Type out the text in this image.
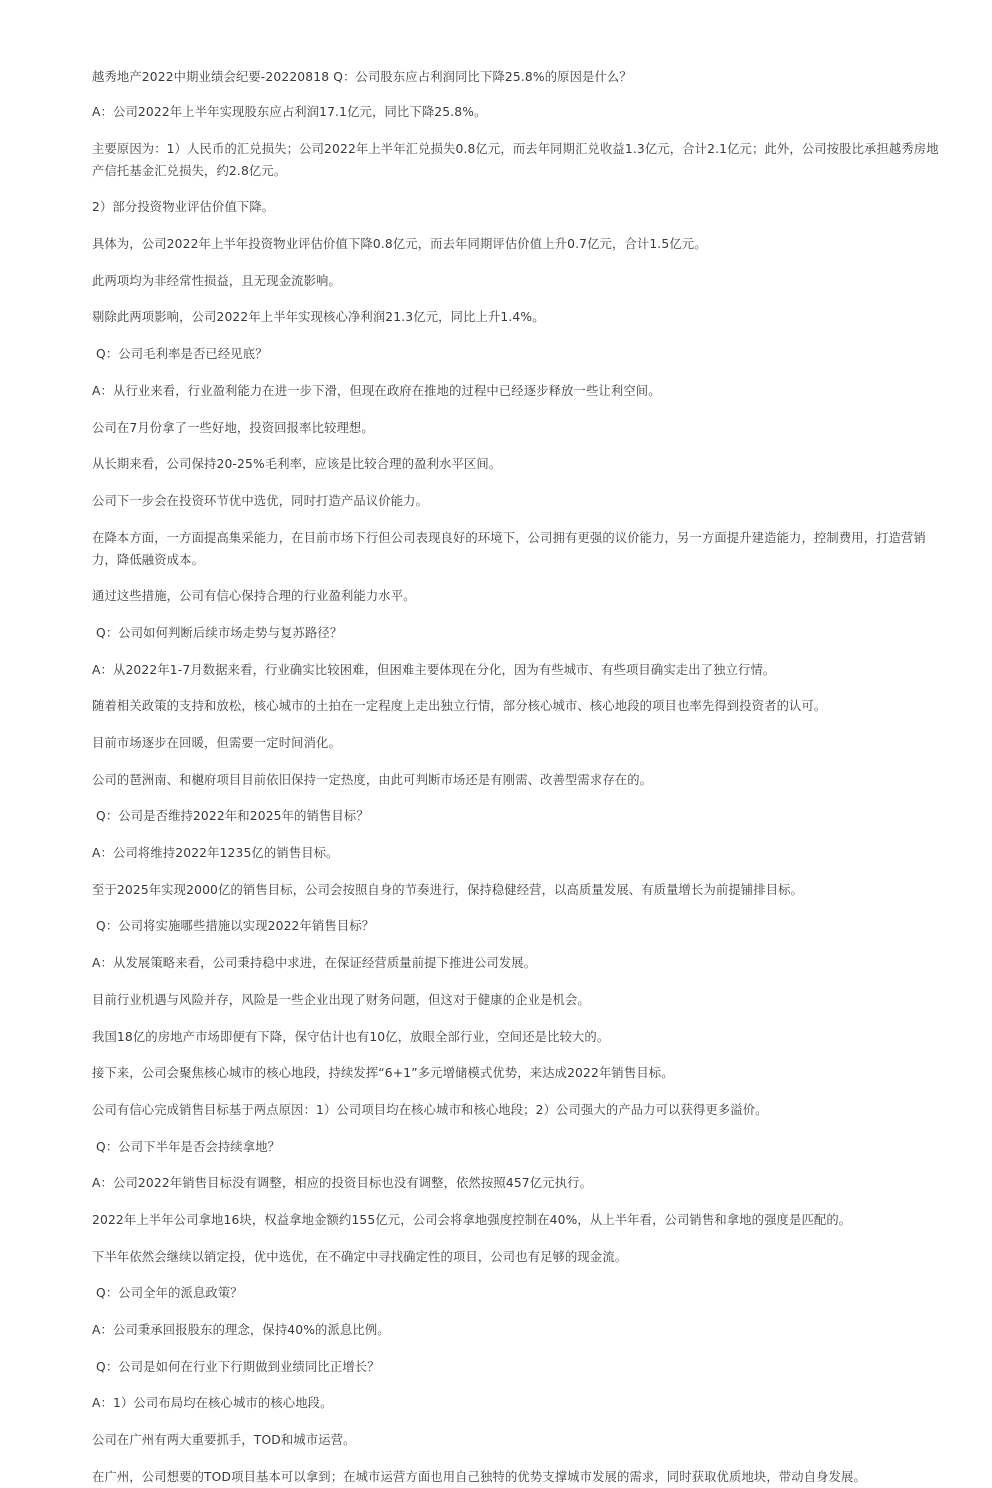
越秀地产2022中期业绩会纪要-20220818 Q：公司股东应占利润同比下降25.8%的原因是什么？

A：公司2022年上半年实现股东应占利润17.1亿元，同比下降25.8%。

主要原因为：1）人民币的汇兑损失；公司2022年上半年汇兑损失0.8亿元，而去年同期汇兑收益1.3亿元，合计2.1亿元；此外，公司按股比承担越秀房地产信托基金汇兑损失，约2.8亿元。

2）部分投资物业评估价值下降。

具体为，公司2022年上半年投资物业评估价值下降0.8亿元，而去年同期评估价值上升0.7亿元，合计1.5亿元。

此两项均为非经常性损益，且无现金流影响。

剔除此两项影响，公司2022年上半年实现核心净利润21.3亿元，同比上升1.4%。

Q：公司毛利率是否已经见底？

A：从行业来看，行业盈利能力在进一步下滑，但现在政府在推地的过程中已经逐步释放一些让利空间。

公司在7月份拿了一些好地，投资回报率比较理想。

从长期来看，公司保持20-25%毛利率，应该是比较合理的盈利水平区间。

公司下一步会在投资环节优中选优，同时打造产品议价能力。

在降本方面，一方面提高集采能力，在目前市场下行但公司表现良好的环境下，公司拥有更强的议价能力，另一方面提升建造能力，控制费用，打造营销力，降低融资成本。

通过这些措施，公司有信心保持合理的行业盈利能力水平。

Q：公司如何判断后续市场走势与复苏路径？

A：从2022年1-7月数据来看，行业确实比较困难，但困难主要体现在分化，因为有些城市、有些项目确实走出了独立行情。

随着相关政策的支持和放松，核心城市的土拍在一定程度上走出独立行情，部分核心城市、核心地段的项目也率先得到投资者的认可。

目前市场逐步在回暖，但需要一定时间消化。

公司的琶洲南、和樾府项目目前依旧保持一定热度，由此可判断市场还是有刚需、改善型需求存在的。

Q：公司是否维持2022年和2025年的销售目标？

A：公司将维持2022年1235亿的销售目标。

至于2025年实现2000亿的销售目标，公司会按照自身的节奏进行，保持稳健经营，以高质量发展、有质量增长为前提铺排目标。

Q：公司将实施哪些措施以实现2022年销售目标？

A：从发展策略来看，公司秉持稳中求进，在保证经营质量前提下推进公司发展。

目前行业机遇与风险并存，风险是一些企业出现了财务问题，但这对于健康的企业是机会。

我国18亿的房地产市场即便有下降，保守估计也有10亿，放眼全部行业，空间还是比较大的。

接下来，公司会聚焦核心城市的核心地段，持续发挥“6+1”多元增储模式优势，来达成2022年销售目标。

公司有信心完成销售目标基于两点原因：1）公司项目均在核心城市和核心地段；2）公司强大的产品力可以获得更多溢价。

Q：公司下半年是否会持续拿地？

A：公司2022年销售目标没有调整，相应的投资目标也没有调整，依然按照457亿元执行。

2022年上半年公司拿地16块，权益拿地金额约155亿元，公司会将拿地强度控制在40%，从上半年看，公司销售和拿地的强度是匹配的。

下半年依然会继续以销定投，优中选优，在不确定中寻找确定性的项目，公司也有足够的现金流。

Q：公司全年的派息政策？

A：公司秉承回报股东的理念，保持40%的派息比例。

Q：公司是如何在行业下行期做到业绩同比正增长？

A：1）公司布局均在核心城市的核心地段。

公司在广州有两大重要抓手，TOD和城市运营。

在广州，公司想要的TOD项目基本可以拿到；在城市运营方面也用自己独特的优势支撑城市发展的需求，同时获取优质地块，带动自身发展。
